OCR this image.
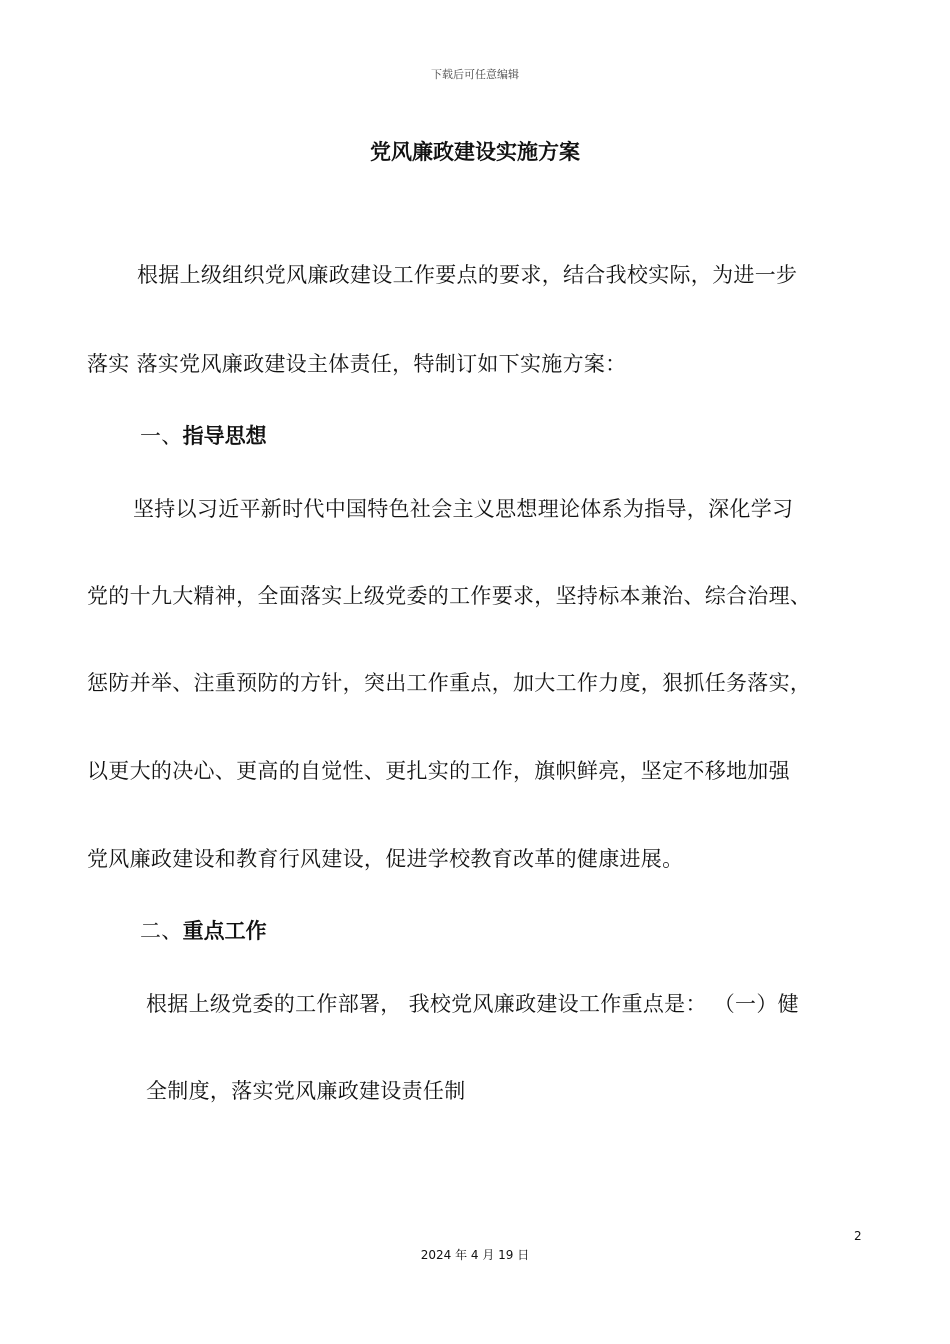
下载后可任意编辑
党风廉政建设实施方案
根据上级组织党风廉政建设工作要点的要求，结合我校实际，为进一步
落实 落实党风廉政建设主体责任，特制订如下实施方案：
一、指导思想
坚持以习近平新时代中国特色社会主义思想理论体系为指导，深化学习
党的十九大精神，全面落实上级党委的工作要求，坚持标本兼治、综合治理、
惩防并举、注重预防的方针，突出工作重点，加大工作力度，狠抓任务落实，
以更大的决心、更高的自觉性、更扎实的工作，旗帜鲜亮，坚定不移地加强
党风廉政建设和教育行风建设，促进学校教育改革的健康进展。
二、重点工作
根据上级党委的工作部署， 我校党风廉政建设工作重点是： （一）健
全制度，落实党风廉政建设责任制
2
2024 年 4 月 19 日
